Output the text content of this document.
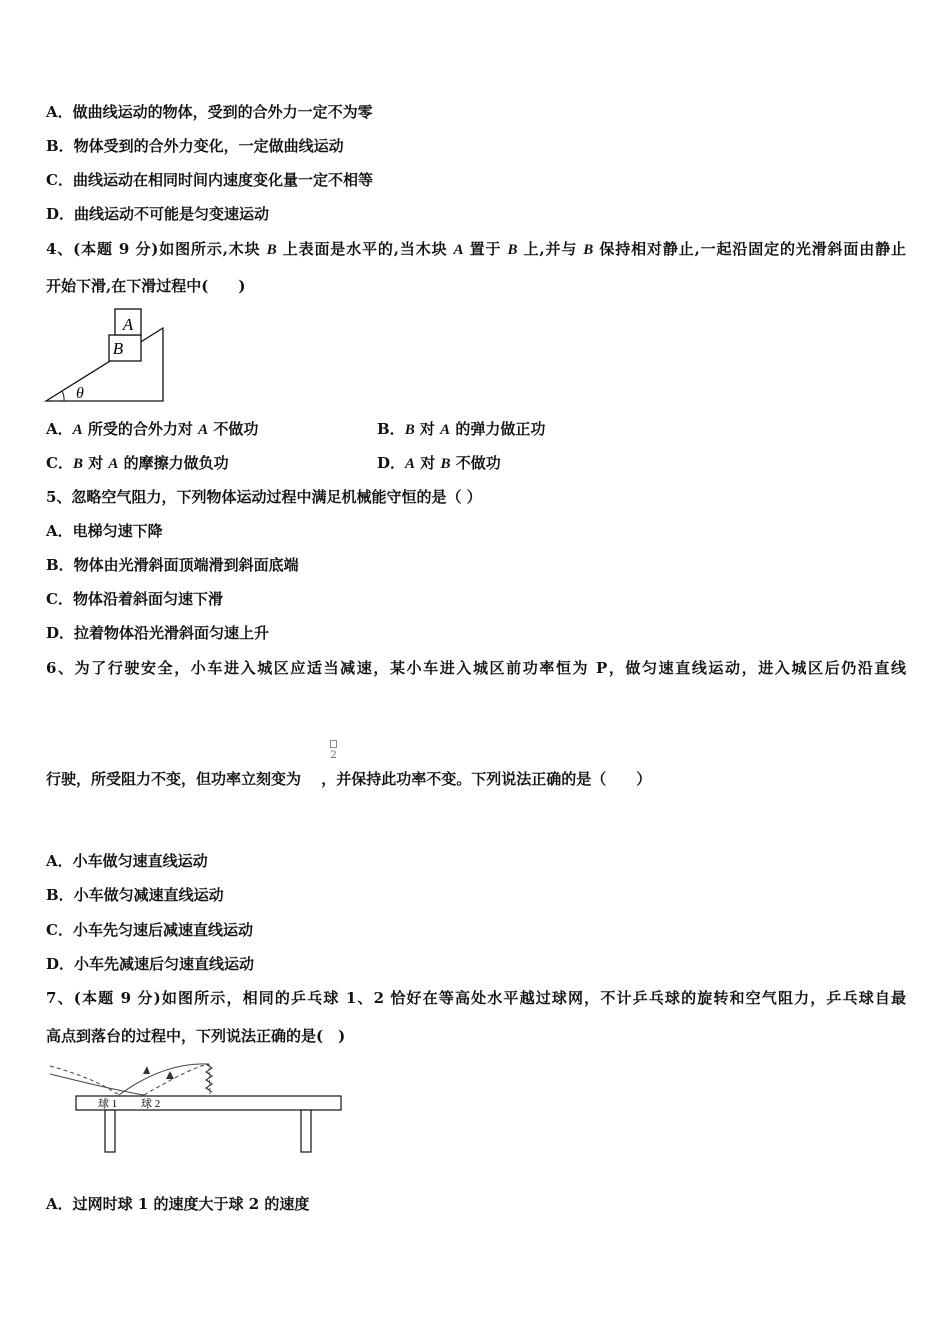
A．做曲线运动的物体，受到的合外力一定不为零
B．物体受到的合外力变化，一定做曲线运动
C．曲线运动在相同时间内速度变化量一定不相等
D．曲线运动不可能是匀变速运动
4、(本题 9 分)如图所示,木块 B 上表面是水平的,当木块 A 置于 B 上,并与 B 保持相对静止,一起沿固定的光滑斜面由静止
开始下滑,在下滑过程中(　　)
A
B
θ
A．A 所受的合外力对 A 不做功	B．B 对 A 的弹力做正功
C．B 对 A 的摩擦力做负功	D．A 对 B 不做功
5、忽略空气阻力，下列物体运动过程中满足机械能守恒的是（ ）
A．电梯匀速下降
B．物体由光滑斜面顶端滑到斜面底端
C．物体沿着斜面匀速下滑
D．拉着物体沿光滑斜面匀速上升
6、为了行驶安全，小车进入城区应适当减速，某小车进入城区前功率恒为 P，做匀速直线运动，进入城区后仍沿直线
2
行驶，所受阻力不变，但功率立刻变为　 ，并保持此功率不变。下列说法正确的是（　　）
A．小车做匀速直线运动
B．小车做匀减速直线运动
C．小车先匀速后减速直线运动
D．小车先减速后匀速直线运动
7、(本题 9 分)如图所示，相同的乒乓球 1、2 恰好在等高处水平越过球网，不计乒乓球的旋转和空气阻力，乒乓球自最
高点到落台的过程中，下列说法正确的是(　)
球 1 球 2
A．过网时球 1 的速度大于球 2 的速度
